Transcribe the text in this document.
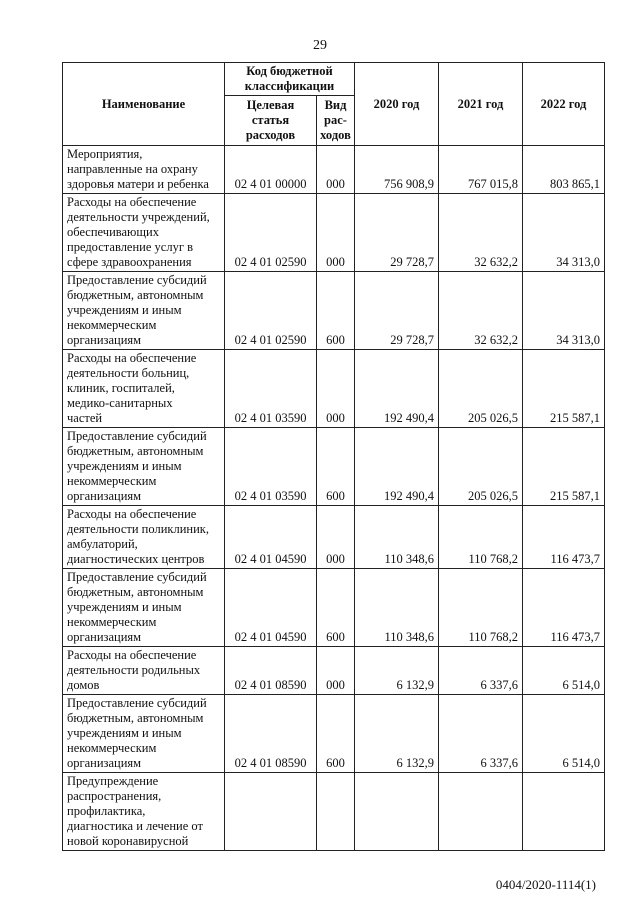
29
Наименование	Код бюджетной классификации		2020 год	2021 год	2022 год
	Целевая статья расходов	Вид рас-ходов			

Мероприятия,
направленные на охрану
здоровья матери и ребенка	02 4 01 00000	000	756 908,9	767 015,8	803 865,1

Расходы на обеспечение
деятельности учреждений,
обеспечивающих
предоставление услуг в
сфере здравоохранения	02 4 01 02590	000	29 728,7	32 632,2	34 313,0

Предоставление субсидий
бюджетным, автономным
учреждениям и иным
некоммерческим
организациям	02 4 01 02590	600	29 728,7	32 632,2	34 313,0

Расходы на обеспечение
деятельности больниц,
клиник, госпиталей,
медико-санитарных
частей	02 4 01 03590	000	192 490,4	205 026,5	215 587,1

Предоставление субсидий
бюджетным, автономным
учреждениям и иным
некоммерческим
организациям	02 4 01 03590	600	192 490,4	205 026,5	215 587,1

Расходы на обеспечение
деятельности поликлиник,
амбулаторий,
диагностических центров	02 4 01 04590	000	110 348,6	110 768,2	116 473,7

Предоставление субсидий
бюджетным, автономным
учреждениям и иным
некоммерческим
организациям	02 4 01 04590	600	110 348,6	110 768,2	116 473,7

Расходы на обеспечение
деятельности родильных
домов	02 4 01 08590	000	6 132,9	6 337,6	6 514,0

Предоставление субсидий
бюджетным, автономным
учреждениям и иным
некоммерческим
организациям	02 4 01 08590	600	6 132,9	6 337,6	6 514,0

Предупреждение
распространения,
профилактика,
диагностика и лечение от
новой коронавирусной					

0404/2020-1114(1)
